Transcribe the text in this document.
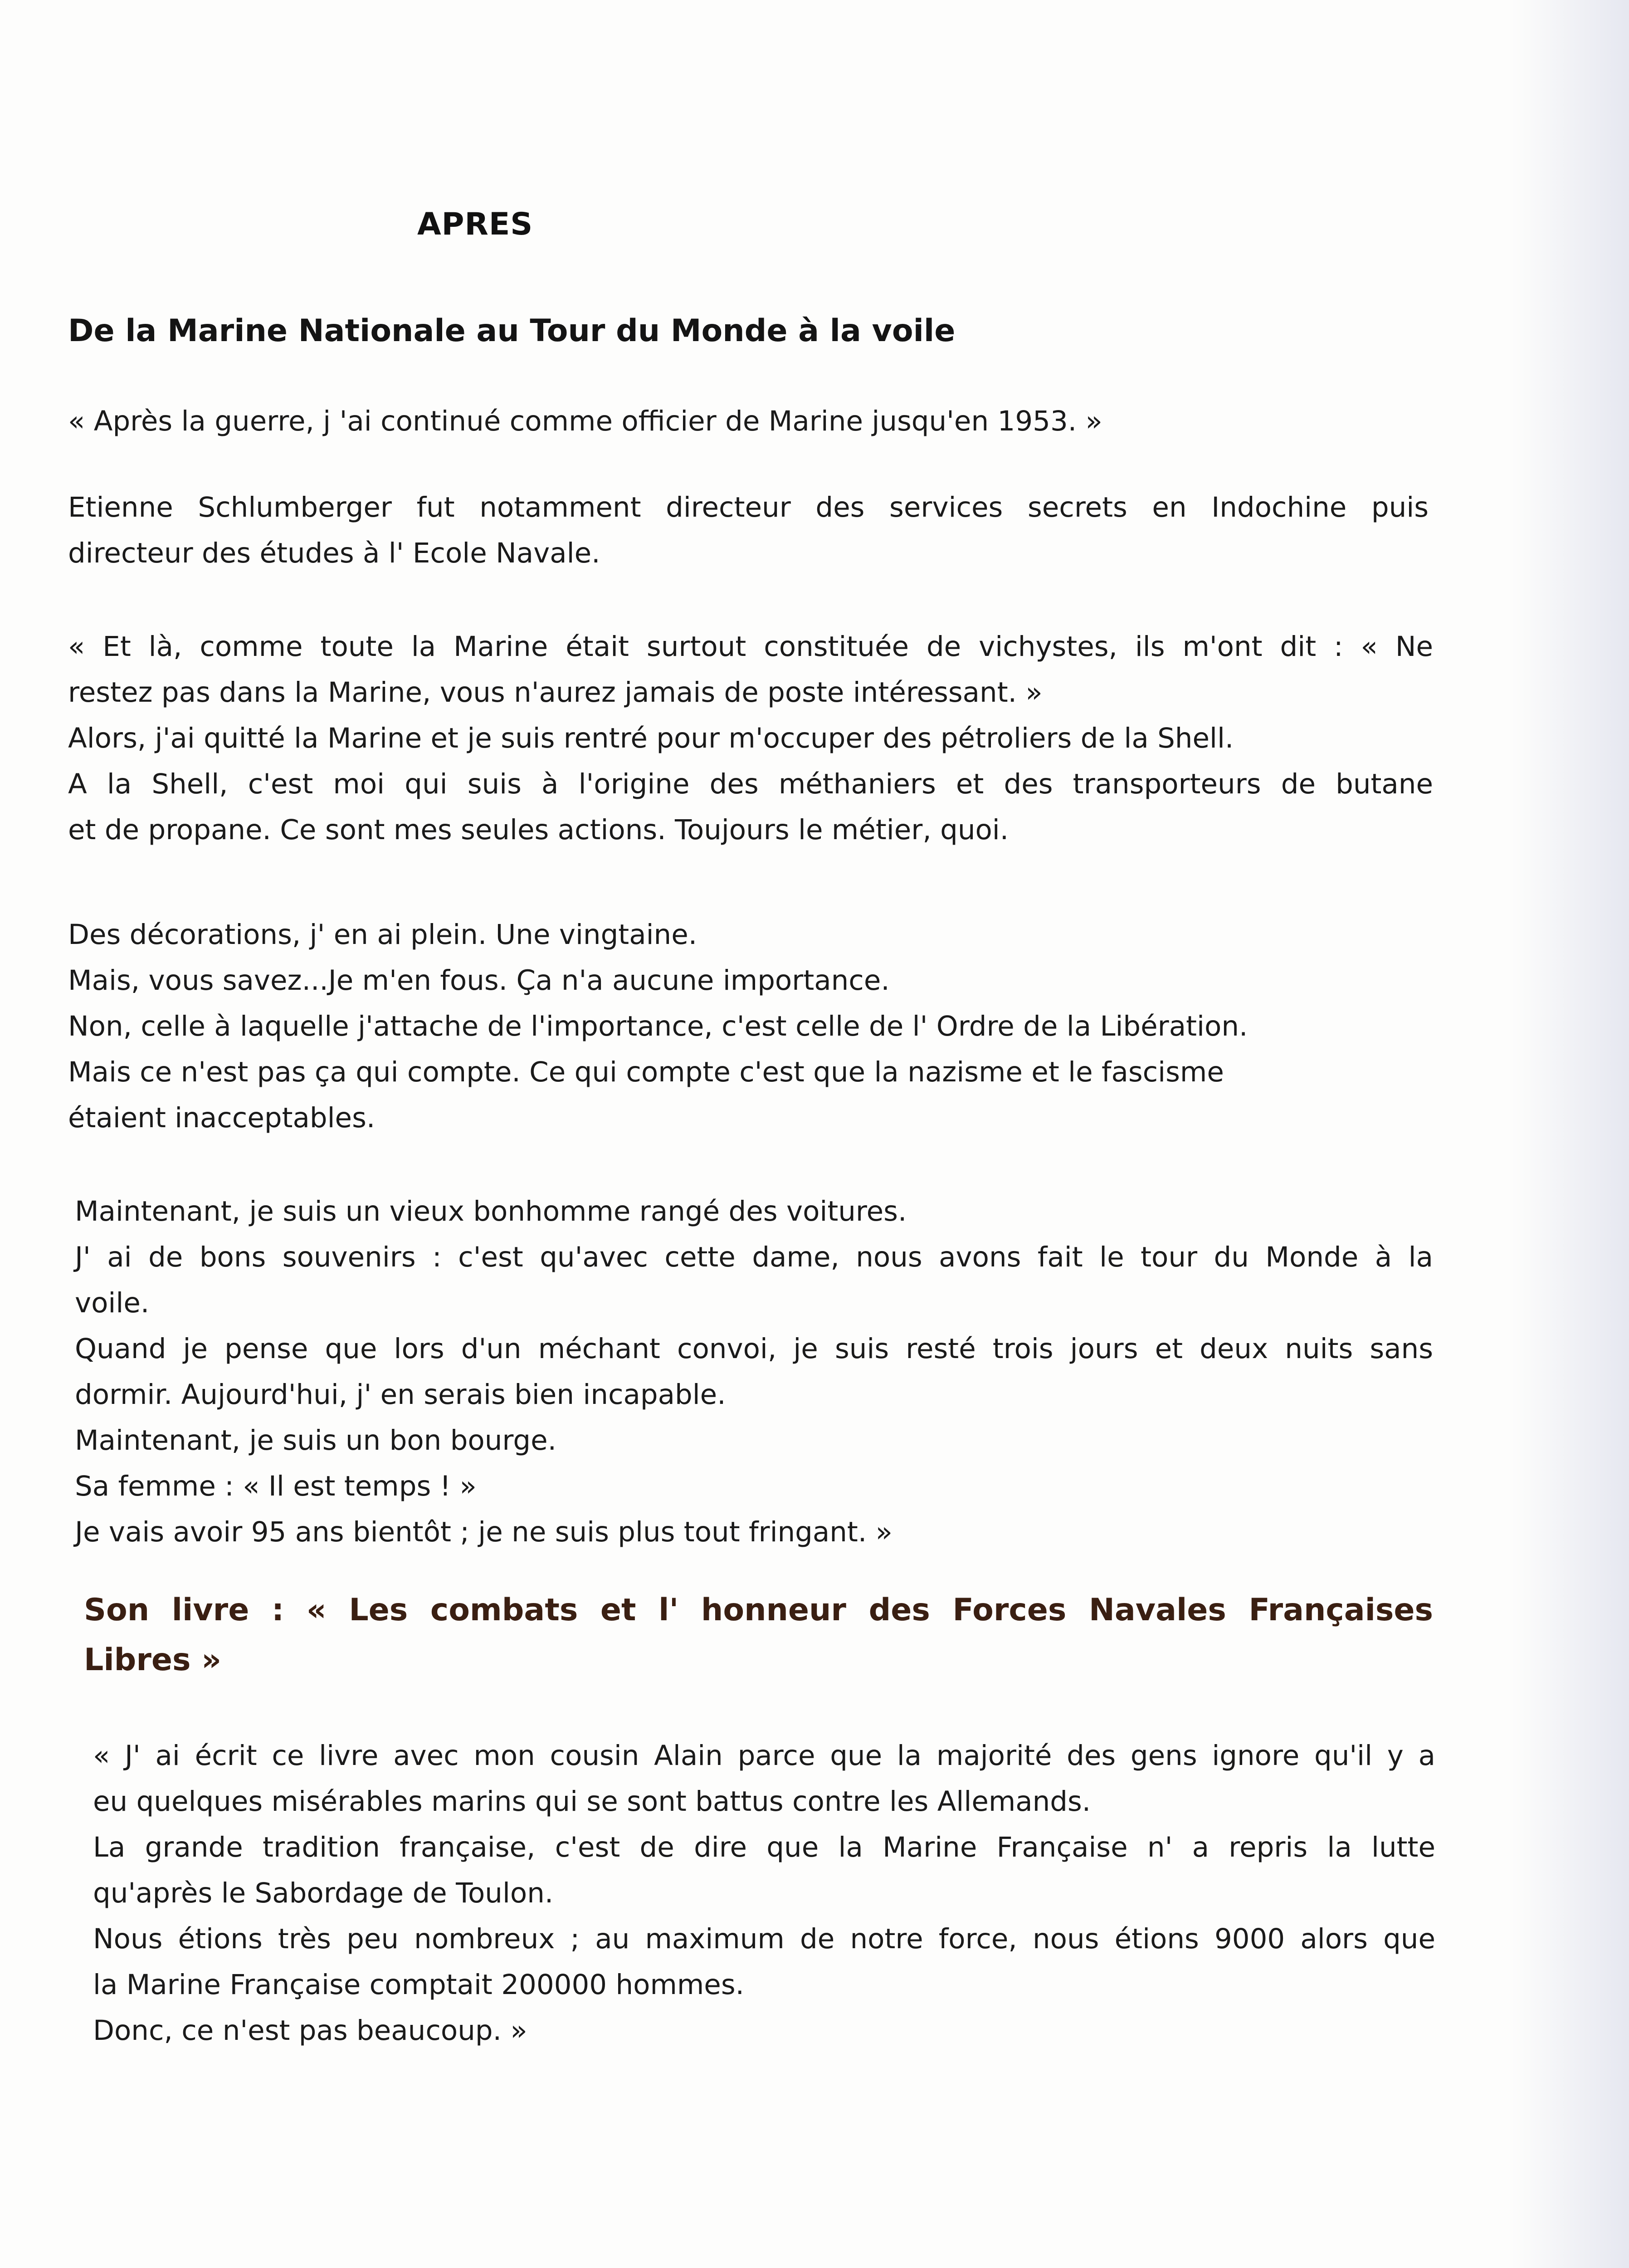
APRES
De la Marine Nationale au Tour du Monde à la voile
« Après la guerre, j 'ai continué comme officier de Marine jusqu'en 1953. »
Etienne Schlumberger fut notamment directeur des services secrets en Indochine puis
directeur des études à l' Ecole Navale.
« Et là, comme toute la Marine était surtout constituée de vichystes, ils m'ont dit : « Ne
restez pas dans la Marine, vous n'aurez jamais de poste intéressant. »
Alors, j'ai quitté la Marine et je suis rentré pour m'occuper des pétroliers de la Shell.
A la Shell, c'est moi qui suis à l'origine des méthaniers et des transporteurs de butane
et de propane. Ce sont mes seules actions. Toujours le métier, quoi.
Des décorations, j' en ai plein. Une vingtaine.
Mais, vous savez...Je m'en fous. Ça n'a aucune importance.
Non, celle à laquelle j'attache de l'importance, c'est celle de l' Ordre de la Libération.
Mais ce n'est pas ça qui compte. Ce qui compte c'est que la nazisme et le fascisme
étaient inacceptables.
Maintenant, je suis un vieux bonhomme rangé des voitures.
J' ai de bons souvenirs : c'est qu'avec cette dame, nous avons fait le tour du Monde à la
voile.
Quand je pense que lors d'un méchant convoi, je suis resté trois jours et deux nuits sans
dormir. Aujourd'hui, j' en serais bien incapable.
Maintenant, je suis un bon bourge.
Sa femme : « Il est temps ! »
Je vais avoir 95 ans bientôt ; je ne suis plus tout fringant. »
Son livre : « Les combats et l' honneur des Forces Navales Françaises
Libres »
« J' ai écrit ce livre avec mon cousin Alain parce que la majorité des gens ignore qu'il y a
eu quelques misérables marins qui se sont battus contre les Allemands.
La grande tradition française, c'est de dire que la Marine Française n' a repris la lutte
qu'après le Sabordage de Toulon.
Nous étions très peu nombreux ; au maximum de notre force, nous étions 9000 alors que
la Marine Française comptait 200000 hommes.
Donc, ce n'est pas beaucoup. »
